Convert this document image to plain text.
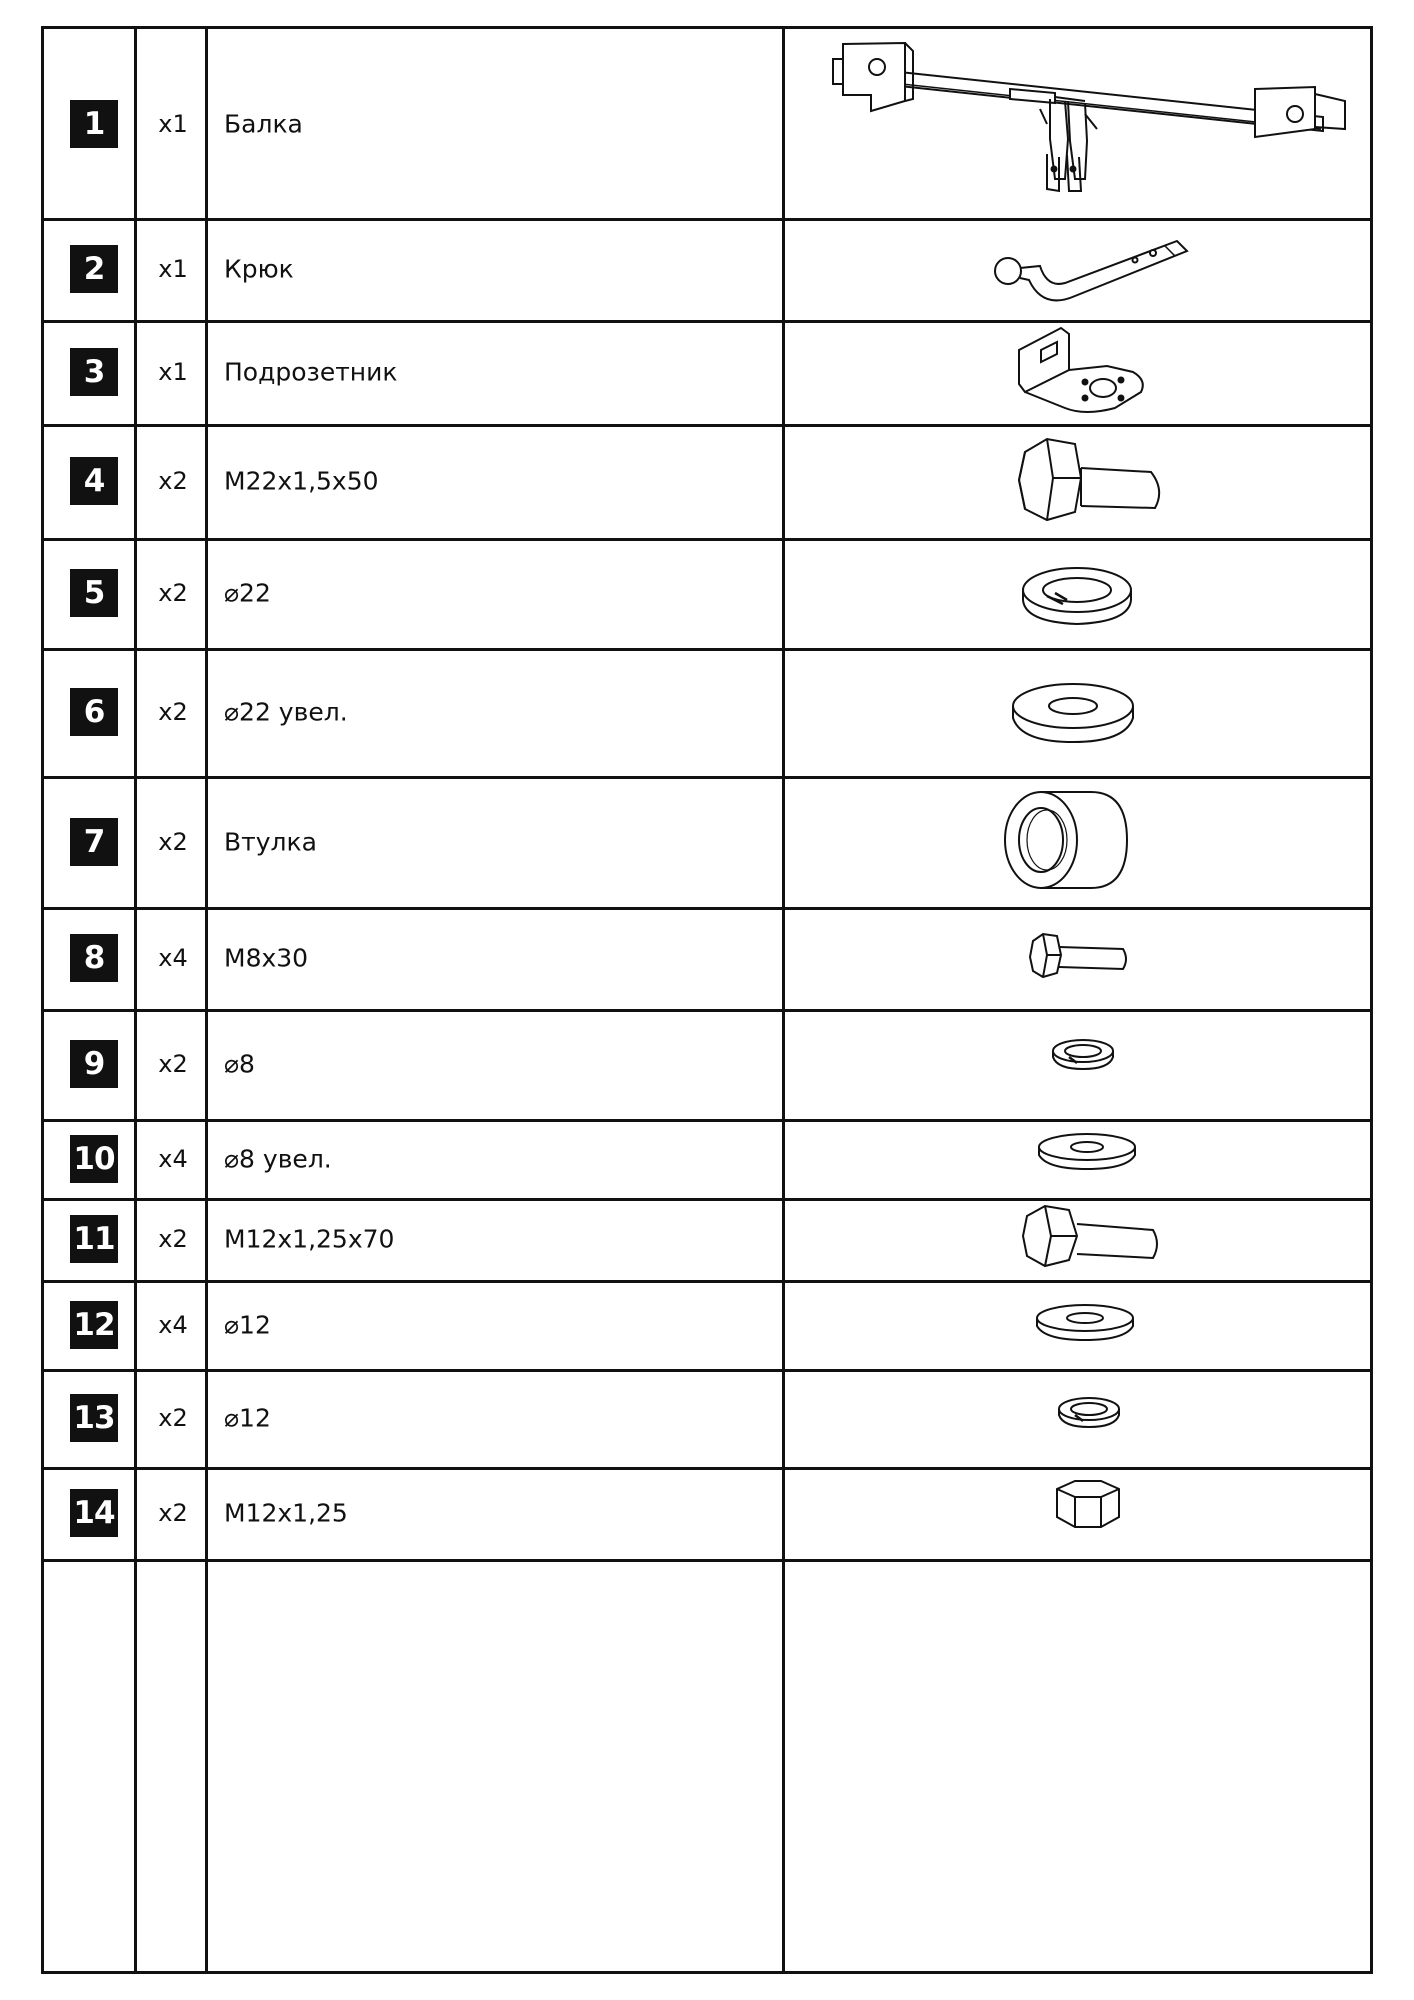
1	x1	Балка
2	x1	Крюк
3	x1	Подрозетник
4	x2	M22x1,5x50
5	x2	⌀22
6	x2	⌀22 увел.
7	x2	Втулка
8	x4	M8x30
9	x2	⌀8
10	x4	⌀8 увел.
11	x2	M12x1,25x70
12	x4	⌀12
13	x2	⌀12
14	x2	M12x1,25
